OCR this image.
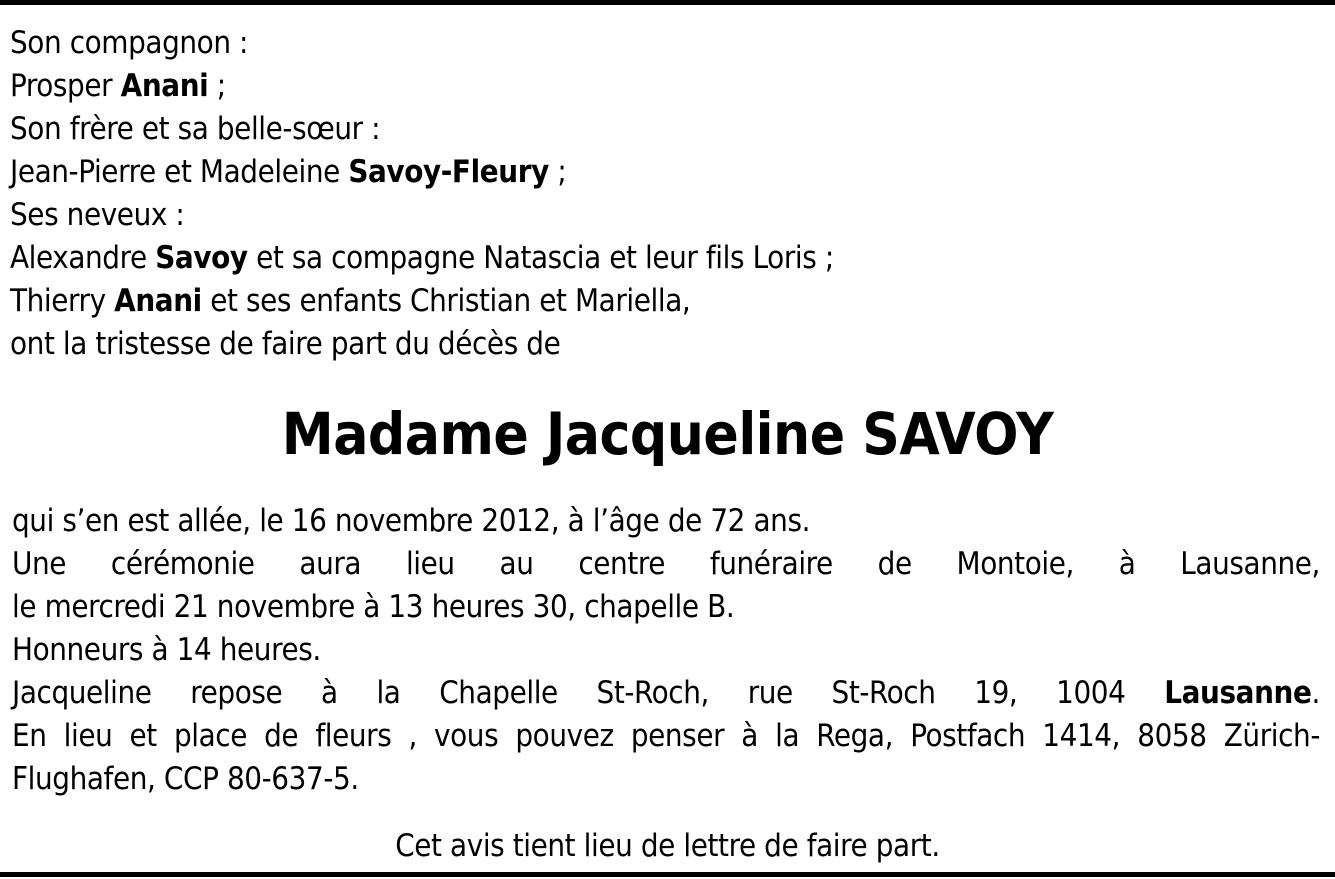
Son compagnon :
Prosper Anani ;
Son frère et sa belle-sœur :
Jean-Pierre et Madeleine Savoy-Fleury ;
Ses neveux :
Alexandre Savoy et sa compagne Natascia et leur fils Loris ;
Thierry Anani et ses enfants Christian et Mariella,
ont la tristesse de faire part du décès de
Madame Jacqueline SAVOY
qui s’en est allée, le 16 novembre 2012, à l’âge de 72 ans.
Une cérémonie aura lieu au centre funéraire de Montoie, à Lausanne,
le mercredi 21 novembre à 13 heures 30, chapelle B.
Honneurs à 14 heures.
Jacqueline repose à la Chapelle St-Roch, rue St-Roch 19, 1004 Lausanne.
En lieu et place de fleurs , vous pouvez penser à la Rega, Postfach 1414, 8058 Zürich-
Flughafen, CCP 80-637-5.
Cet avis tient lieu de lettre de faire part.
